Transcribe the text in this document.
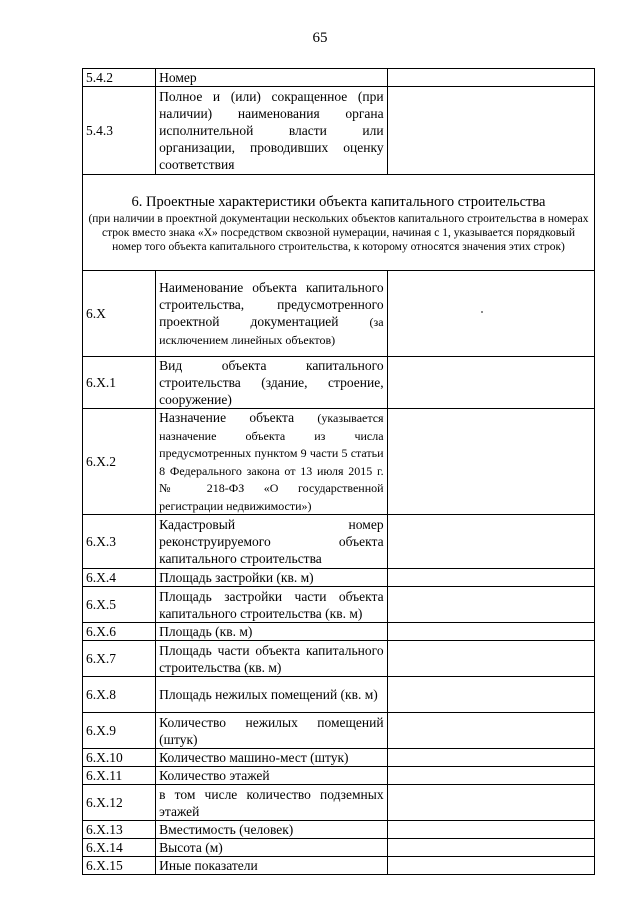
65
5.4.2	Номер	
5.4.3	Полное и (или) сокращенное (при наличии) наименования органа исполнительной власти или организации, проводивших оценку соответствия	

6. Проектные характеристики объекта капитального строительства
(при наличии в проектной документации нескольких объектов капитального строительства в номерах строк вместо знака «X» посредством сквозной нумерации, начиная с 1, указывается порядковый номер того объекта капитального строительства, к которому относятся значения этих строк)		

6.X	Наименование объекта капитального строительства, предусмотренного проектной документацией (за исключением линейных объектов)	
6.X.1	Вид объекта капитального строительства (здание, строение, сооружение)	
6.X.2	Назначение объекта (указывается назначение объекта из числа предусмотренных пунктом 9 части 5 статьи 8 Федерального закона от 13 июля 2015 г. № 218-ФЗ «О государственной регистрации недвижимости»)	
6.X.3	Кадастровый номер реконструируемого объекта капитального строительства	
6.X.4	Площадь застройки (кв. м)	
6.X.5	Площадь застройки части объекта капитального строительства (кв. м)	
6.X.6	Площадь (кв. м)	
6.X.7	Площадь части объекта капитального строительства (кв. м)	
6.X.8	Площадь нежилых помещений (кв. м)	
6.X.9	Количество нежилых помещений (штук)	
6.X.10	Количество машино-мест (штук)	
6.X.11	Количество этажей	
6.X.12	в том числе количество подземных этажей	
6.X.13	Вместимость (человек)	
6.X.14	Высота (м)	
6.X.15	Иные показатели	
